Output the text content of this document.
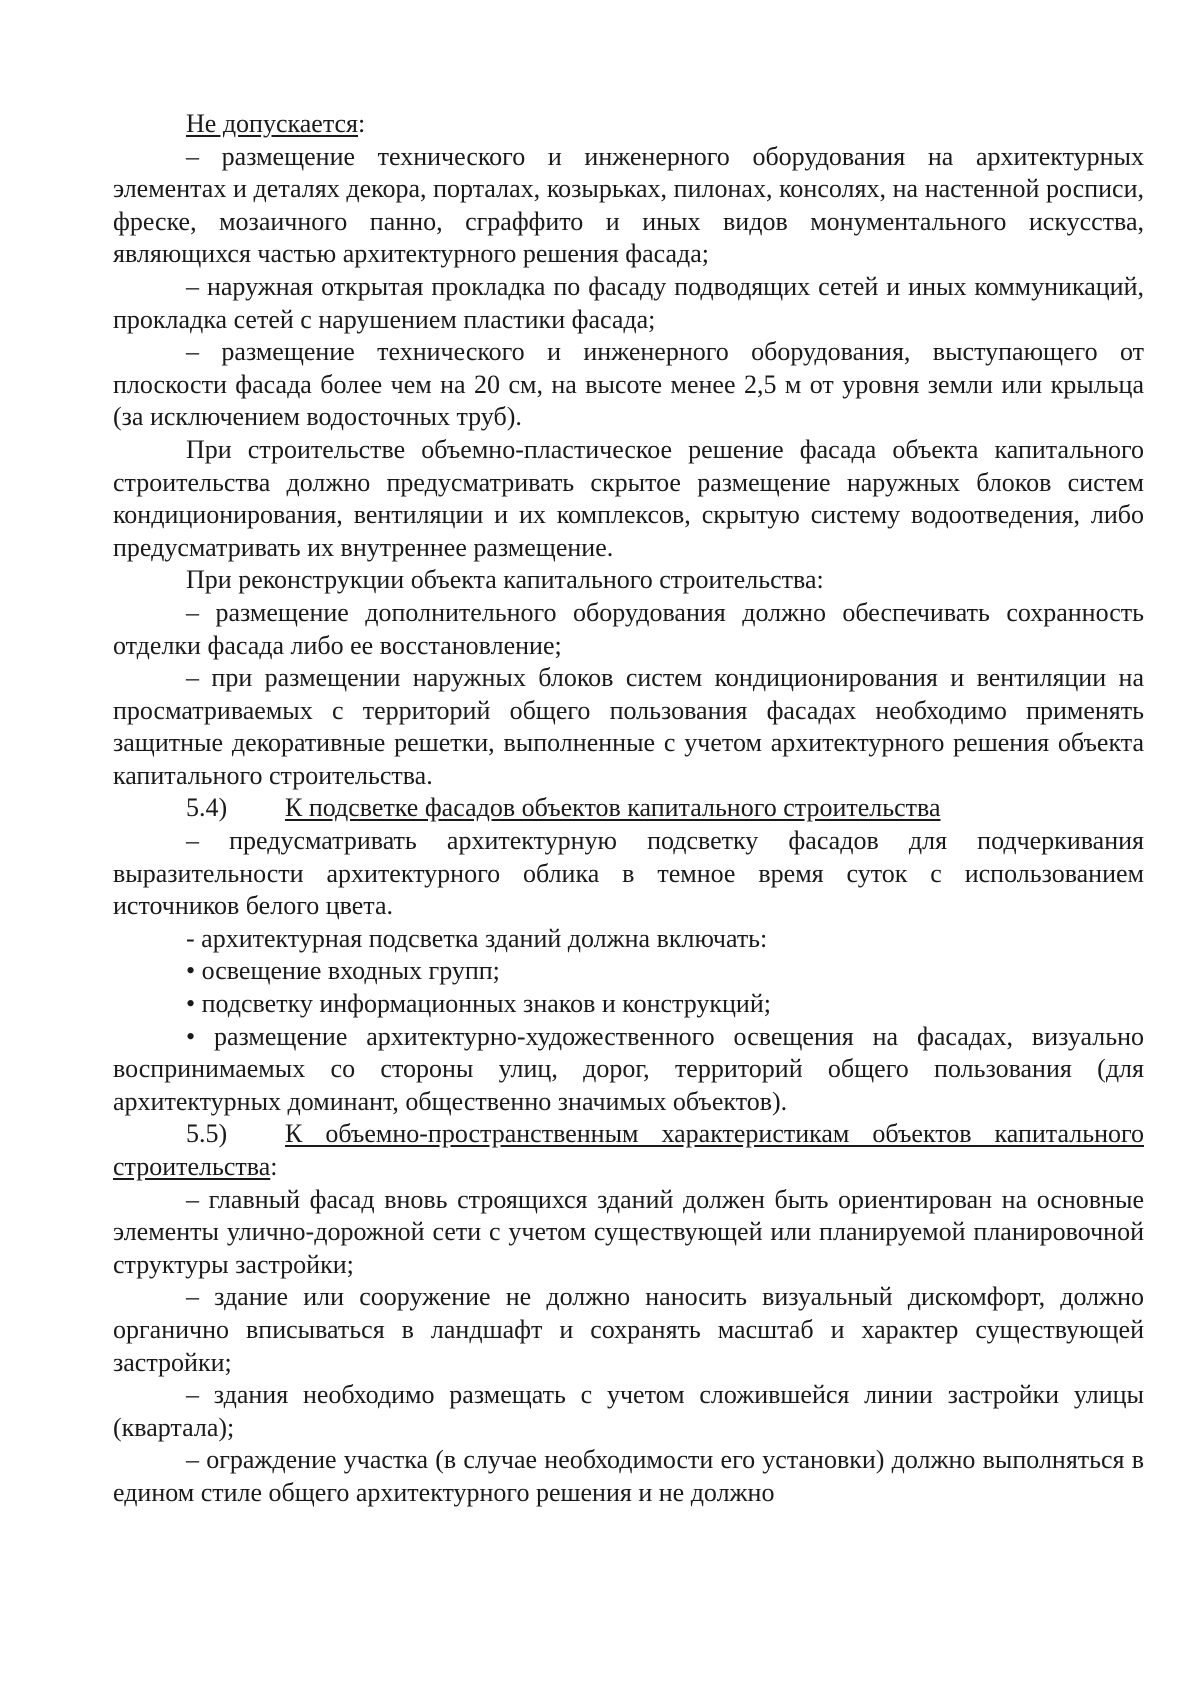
Не допускается:

– размещение технического и инженерного оборудования на архитектурных элементах и деталях декора, порталах, козырьках, пилонах, консолях, на настенной росписи, фреске, мозаичного панно, сграффито и иных видов монументального искусства, являющихся частью архитектурного решения фасада;

– наружная открытая прокладка по фасаду подводящих сетей и иных коммуникаций, прокладка сетей с нарушением пластики фасада;

– размещение технического и инженерного оборудования, выступающего от плоскости фасада более чем на 20 см, на высоте менее 2,5 м от уровня земли или крыльца (за исключением водосточных труб).

При строительстве объемно-пластическое решение фасада объекта капитального строительства должно предусматривать скрытое размещение наружных блоков систем кондиционирования, вентиляции и их комплексов, скрытую систему водоотведения, либо предусматривать их внутреннее размещение.

При реконструкции объекта капитального строительства:

– размещение дополнительного оборудования должно обеспечивать сохранность отделки фасада либо ее восстановление;

– при размещении наружных блоков систем кондиционирования и вентиляции на просматриваемых с территорий общего пользования фасадах необходимо применять защитные декоративные решетки, выполненные с учетом архитектурного решения объекта капитального строительства.

5.4) К подсветке фасадов объектов капитального строительства

– предусматривать архитектурную подсветку фасадов для подчеркивания выразительности архитектурного облика в темное время суток с использованием источников белого цвета.

- архитектурная подсветка зданий должна включать:

• освещение входных групп;

• подсветку информационных знаков и конструкций;

• размещение архитектурно-художественного освещения на фасадах, визуально воспринимаемых со стороны улиц, дорог, территорий общего пользования (для архитектурных доминант, общественно значимых объектов).

5.5) К объемно-пространственным характеристикам объектов капитального строительства:

– главный фасад вновь строящихся зданий должен быть ориентирован на основные элементы улично-дорожной сети с учетом существующей или планируемой планировочной структуры застройки;

– здание или сооружение не должно наносить визуальный дискомфорт, должно органично вписываться в ландшафт и сохранять масштаб и характер существующей застройки;

– здания необходимо размещать с учетом сложившейся линии застройки улицы (квартала);

– ограждение участка (в случае необходимости его установки) должно выполняться в едином стиле общего архитектурного решения и не должно
